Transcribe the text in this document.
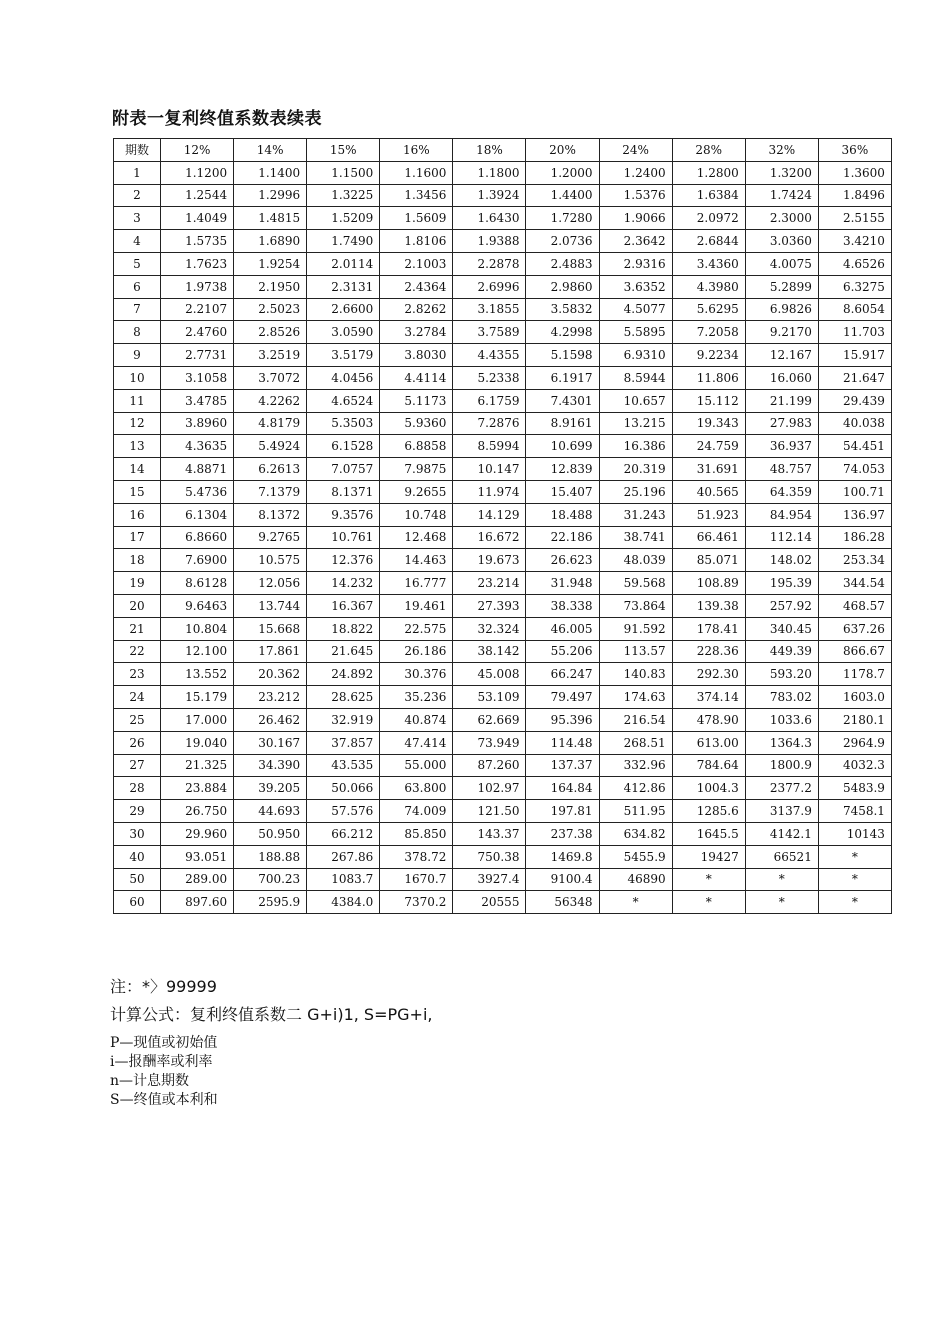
附表一复利终值系数表续表
期数	12%	14%	15%	16%	18%	20%	24%	28%	32%	36%
1	1.1200	1.1400	1.1500	1.1600	1.1800	1.2000	1.2400	1.2800	1.3200	1.3600
2	1.2544	1.2996	1.3225	1.3456	1.3924	1.4400	1.5376	1.6384	1.7424	1.8496
3	1.4049	1.4815	1.5209	1.5609	1.6430	1.7280	1.9066	2.0972	2.3000	2.5155
4	1.5735	1.6890	1.7490	1.8106	1.9388	2.0736	2.3642	2.6844	3.0360	3.4210
5	1.7623	1.9254	2.0114	2.1003	2.2878	2.4883	2.9316	3.4360	4.0075	4.6526
6	1.9738	2.1950	2.3131	2.4364	2.6996	2.9860	3.6352	4.3980	5.2899	6.3275
7	2.2107	2.5023	2.6600	2.8262	3.1855	3.5832	4.5077	5.6295	6.9826	8.6054
8	2.4760	2.8526	3.0590	3.2784	3.7589	4.2998	5.5895	7.2058	9.2170	11.703
9	2.7731	3.2519	3.5179	3.8030	4.4355	5.1598	6.9310	9.2234	12.167	15.917
10	3.1058	3.7072	4.0456	4.4114	5.2338	6.1917	8.5944	11.806	16.060	21.647
11	3.4785	4.2262	4.6524	5.1173	6.1759	7.4301	10.657	15.112	21.199	29.439
12	3.8960	4.8179	5.3503	5.9360	7.2876	8.9161	13.215	19.343	27.983	40.038
13	4.3635	5.4924	6.1528	6.8858	8.5994	10.699	16.386	24.759	36.937	54.451
14	4.8871	6.2613	7.0757	7.9875	10.147	12.839	20.319	31.691	48.757	74.053
15	5.4736	7.1379	8.1371	9.2655	11.974	15.407	25.196	40.565	64.359	100.71
16	6.1304	8.1372	9.3576	10.748	14.129	18.488	31.243	51.923	84.954	136.97
17	6.8660	9.2765	10.761	12.468	16.672	22.186	38.741	66.461	112.14	186.28
18	7.6900	10.575	12.376	14.463	19.673	26.623	48.039	85.071	148.02	253.34
19	8.6128	12.056	14.232	16.777	23.214	31.948	59.568	108.89	195.39	344.54
20	9.6463	13.744	16.367	19.461	27.393	38.338	73.864	139.38	257.92	468.57
21	10.804	15.668	18.822	22.575	32.324	46.005	91.592	178.41	340.45	637.26
22	12.100	17.861	21.645	26.186	38.142	55.206	113.57	228.36	449.39	866.67
23	13.552	20.362	24.892	30.376	45.008	66.247	140.83	292.30	593.20	1178.7
24	15.179	23.212	28.625	35.236	53.109	79.497	174.63	374.14	783.02	1603.0
25	17.000	26.462	32.919	40.874	62.669	95.396	216.54	478.90	1033.6	2180.1
26	19.040	30.167	37.857	47.414	73.949	114.48	268.51	613.00	1364.3	2964.9
27	21.325	34.390	43.535	55.000	87.260	137.37	332.96	784.64	1800.9	4032.3
28	23.884	39.205	50.066	63.800	102.97	164.84	412.86	1004.3	2377.2	5483.9
29	26.750	44.693	57.576	74.009	121.50	197.81	511.95	1285.6	3137.9	7458.1
30	29.960	50.950	66.212	85.850	143.37	237.38	634.82	1645.5	4142.1	10143
40	93.051	188.88	267.86	378.72	750.38	1469.8	5455.9	19427	66521	*
50	289.00	700.23	1083.7	1670.7	3927.4	9100.4	46890	*	*	*
60	897.60	2595.9	4384.0	7370.2	20555	56348	*	*	*	*
注：*〉99999
计算公式：复利终值系数二 G+i)1, S=PG+i,
P—现值或初始值
i—报酬率或利率
n—计息期数
S—终值或本利和
